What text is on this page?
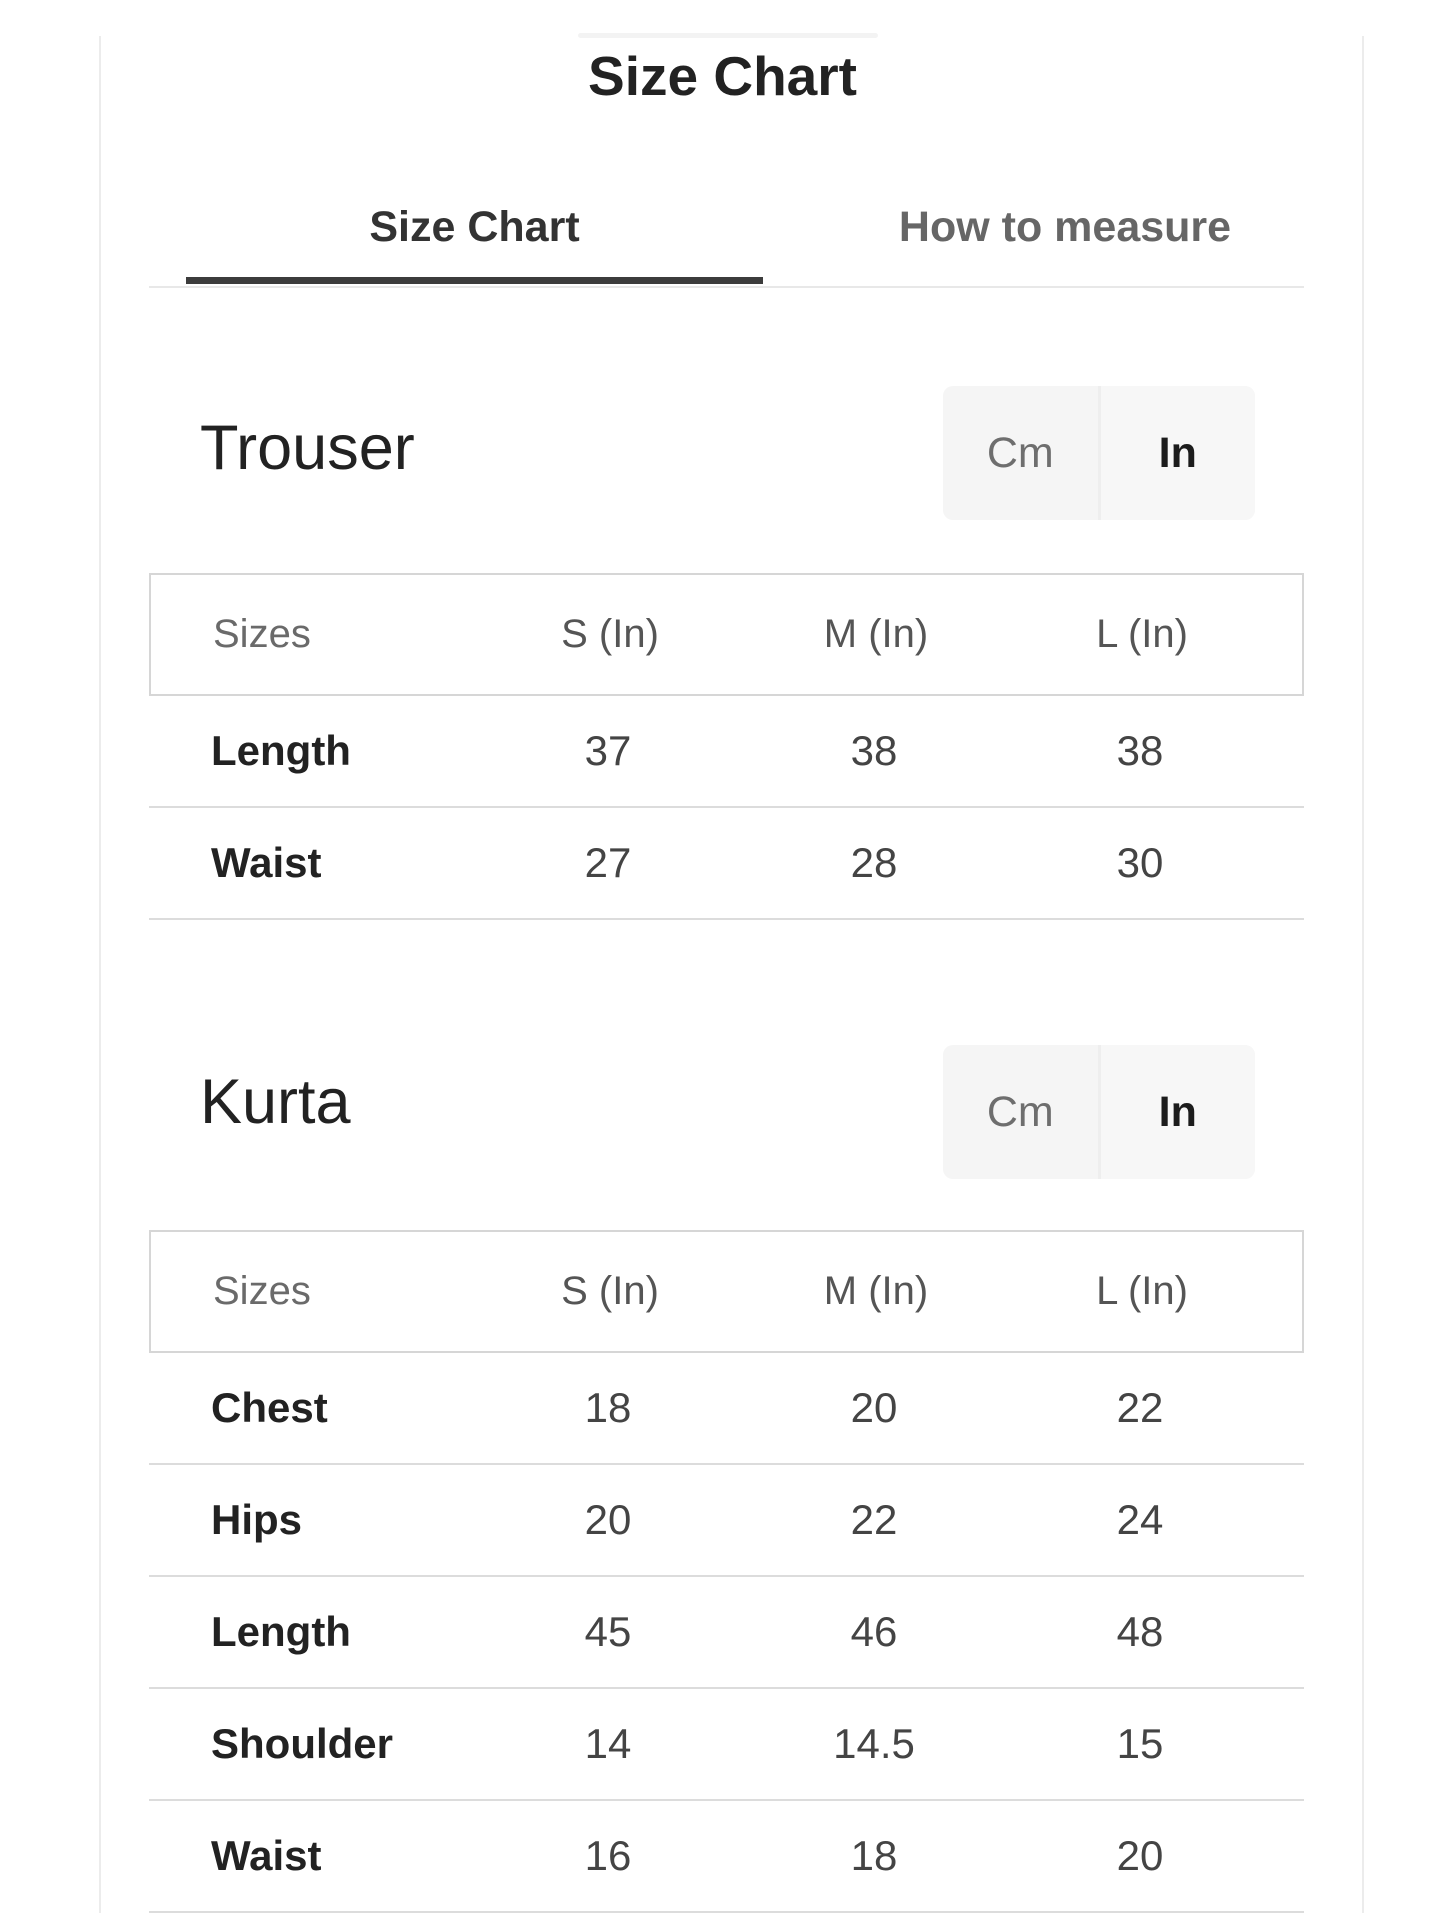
Size Chart
Size Chart	How to measure
Trouser	Cm	In
Sizes	S (In)	M (In)	L (In)
Length	37	38	38
Waist	27	28	30
Kurta	Cm	In
Sizes	S (In)	M (In)	L (In)
Chest	18	20	22
Hips	20	22	24
Length	45	46	48
Shoulder	14	14.5	15
Waist	16	18	20
